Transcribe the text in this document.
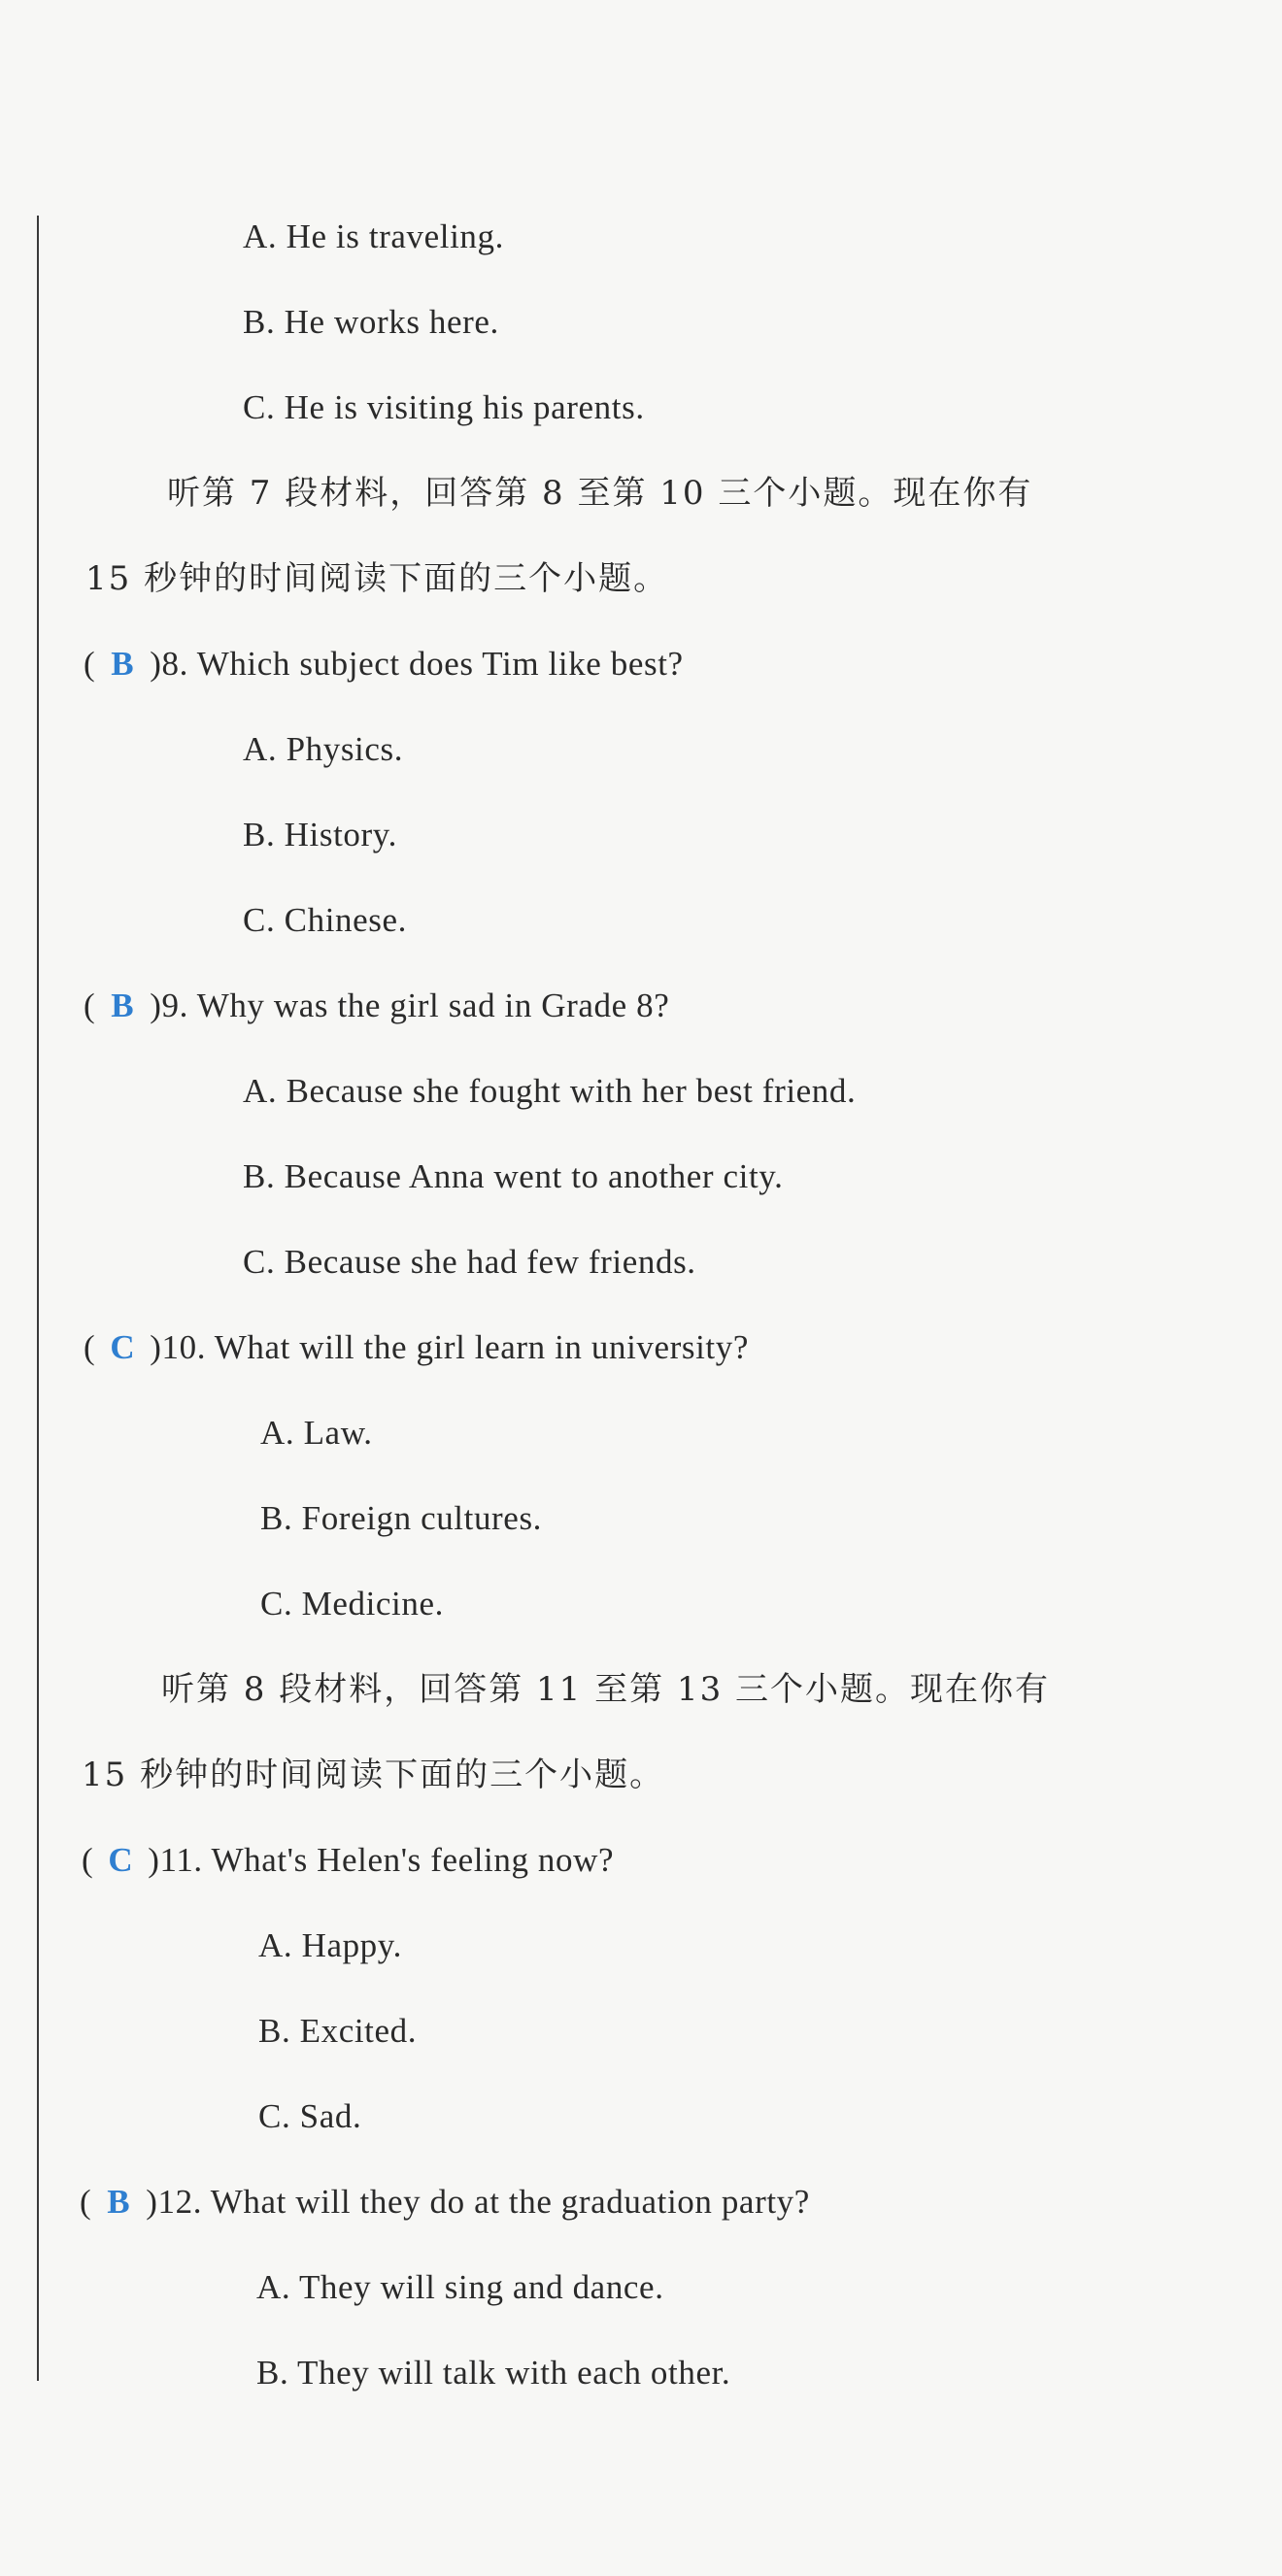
A. He is traveling.
B. He works here.
C. He is visiting his parents.
听第 7 段材料，回答第 8 至第 10 三个小题。现在你有
15 秒钟的时间阅读下面的三个小题。
( B )8. Which subject does Tim like best?
A. Physics.
B. History.
C. Chinese.
( B )9. Why was the girl sad in Grade 8?
A. Because she fought with her best friend.
B. Because Anna went to another city.
C. Because she had few friends.
( C )10. What will the girl learn in university?
A. Law.
B. Foreign cultures.
C. Medicine.
听第 8 段材料，回答第 11 至第 13 三个小题。现在你有
15 秒钟的时间阅读下面的三个小题。
( C )11. What's Helen's feeling now?
A. Happy.
B. Excited.
C. Sad.
( B )12. What will they do at the graduation party?
A. They will sing and dance.
B. They will talk with each other.
